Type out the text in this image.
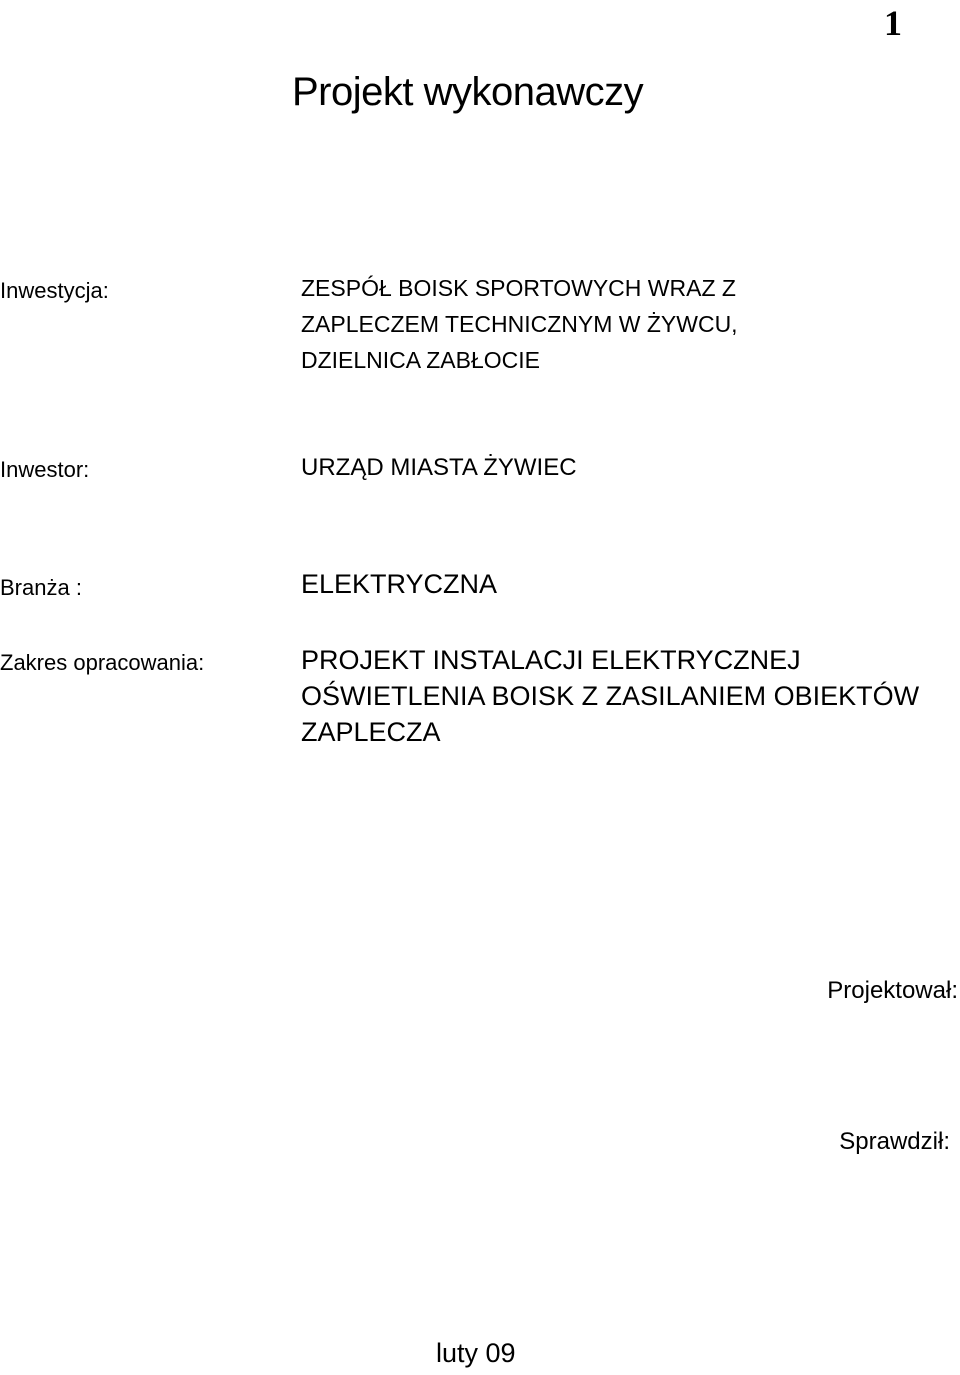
1
Projekt wykonawczy
Inwestycja:	ZESPÓŁ BOISK SPORTOWYCH WRAZ Z
ZAPLECZEM TECHNICZNYM W ŻYWCU,
DZIELNICA ZABŁOCIE
Inwestor:	URZĄD MIASTA ŻYWIEC
Branża :	ELEKTRYCZNA
Zakres opracowania:	PROJEKT INSTALACJI ELEKTRYCZNEJ
OŚWIETLENIA BOISK Z ZASILANIEM OBIEKTÓW
ZAPLECZA
Projektował:
Sprawdził:
luty 09
